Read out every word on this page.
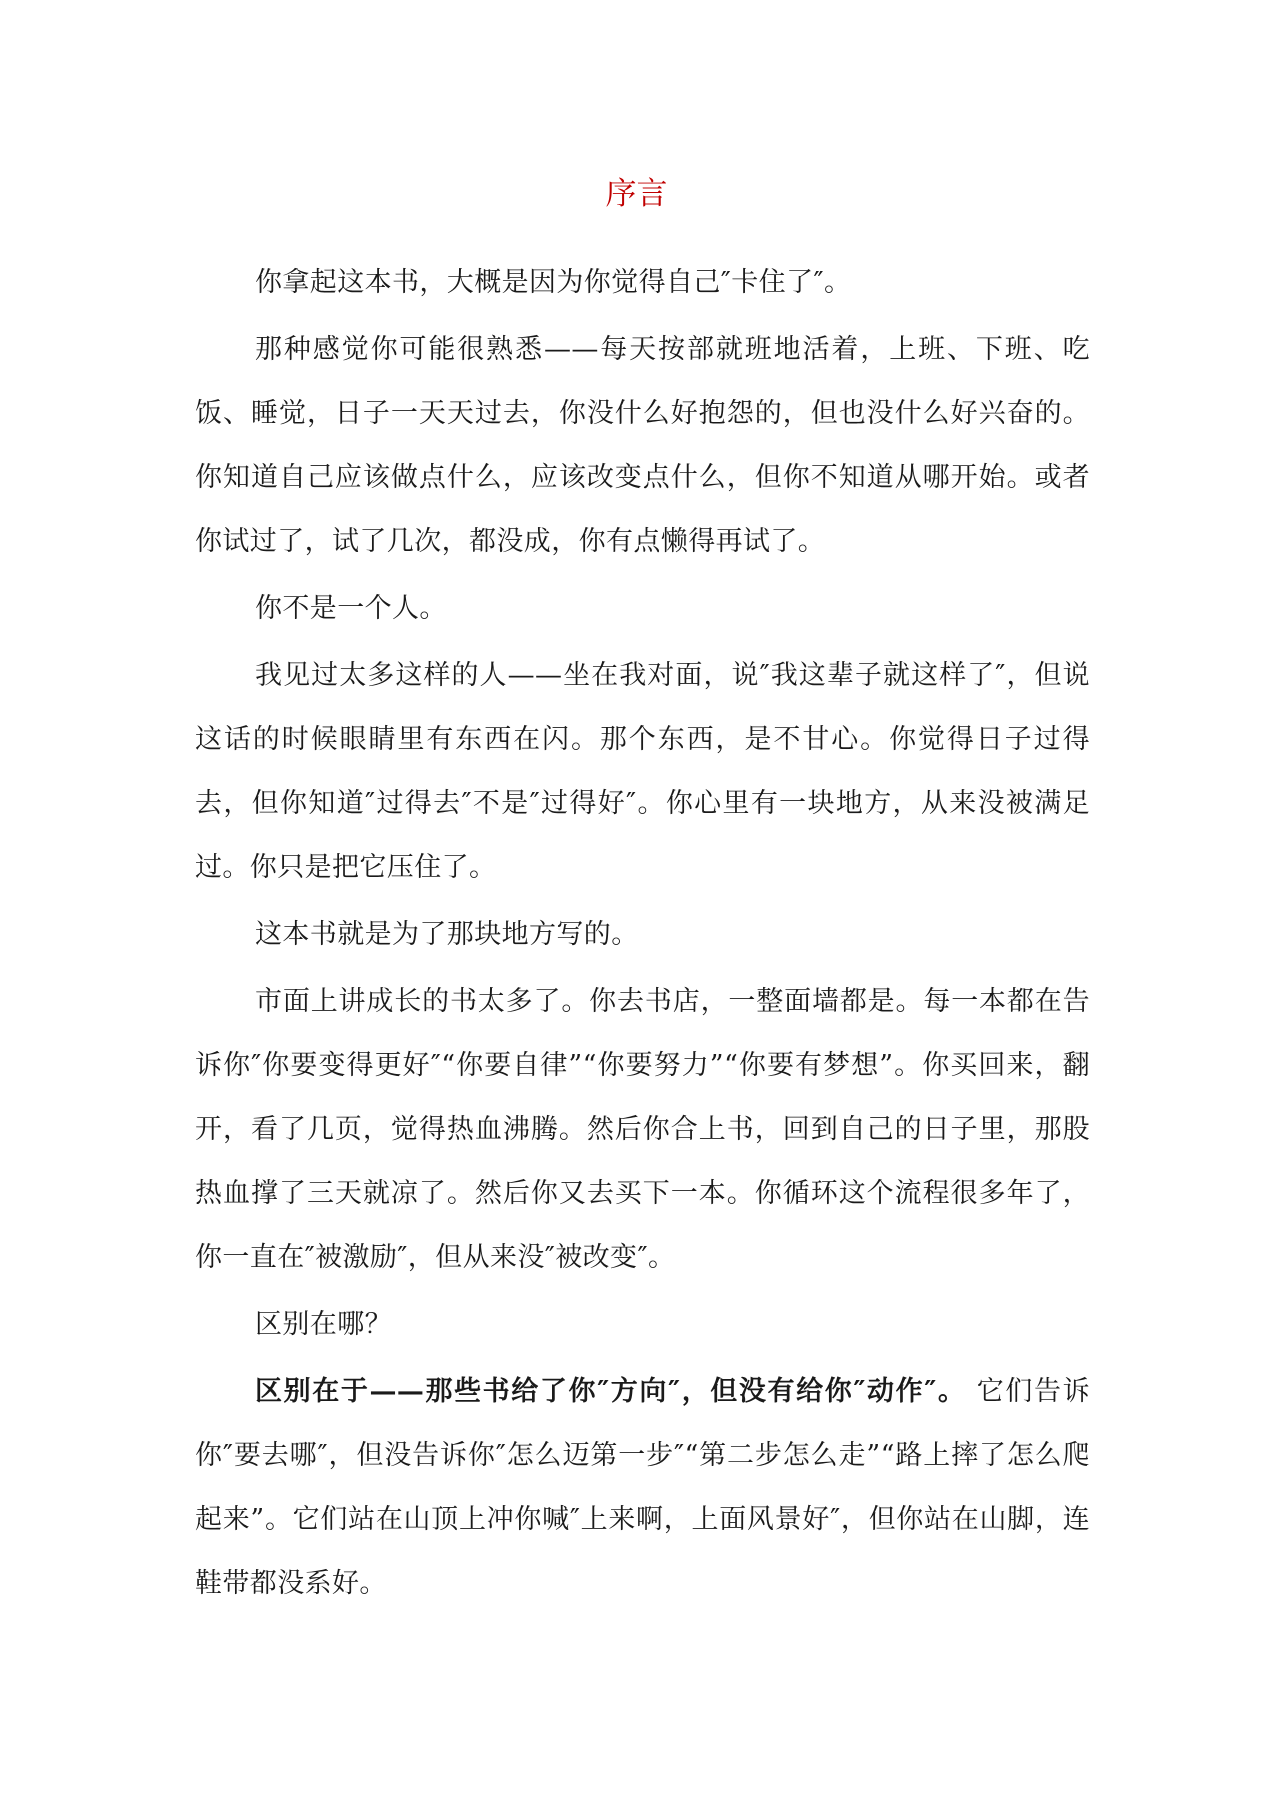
序言

你拿起这本书，大概是因为你觉得自己″卡住了″。

那种感觉你可能很熟悉——每天按部就班地活着，上班、下班、吃饭、睡觉，日子一天天过去，你没什么好抱怨的，但也没什么好兴奋的。你知道自己应该做点什么，应该改变点什么，但你不知道从哪开始。或者你试过了，试了几次，都没成，你有点懒得再试了。

你不是一个人。

我见过太多这样的人——坐在我对面，说″我这辈子就这样了″，但说这话的时候眼睛里有东西在闪。那个东西，是不甘心。你觉得日子过得去，但你知道″过得去″不是″过得好″。你心里有一块地方，从来没被满足过。你只是把它压住了。

这本书就是为了那块地方写的。

市面上讲成长的书太多了。你去书店，一整面墙都是。每一本都在告诉你″你要变得更好″“你要自律”“你要努力”“你要有梦想”。你买回来，翻开，看了几页，觉得热血沸腾。然后你合上书，回到自己的日子里，那股热血撑了三天就凉了。然后你又去买下一本。你循环这个流程很多年了，你一直在″被激励″，但从来没″被改变″。

区别在哪？

区别在于——那些书给了你″方向″，但没有给你″动作″。 它们告诉你″要去哪″，但没告诉你″怎么迈第一步″“第二步怎么走”“路上摔了怎么爬起来”。它们站在山顶上冲你喊″上来啊，上面风景好″，但你站在山脚，连鞋带都没系好。
